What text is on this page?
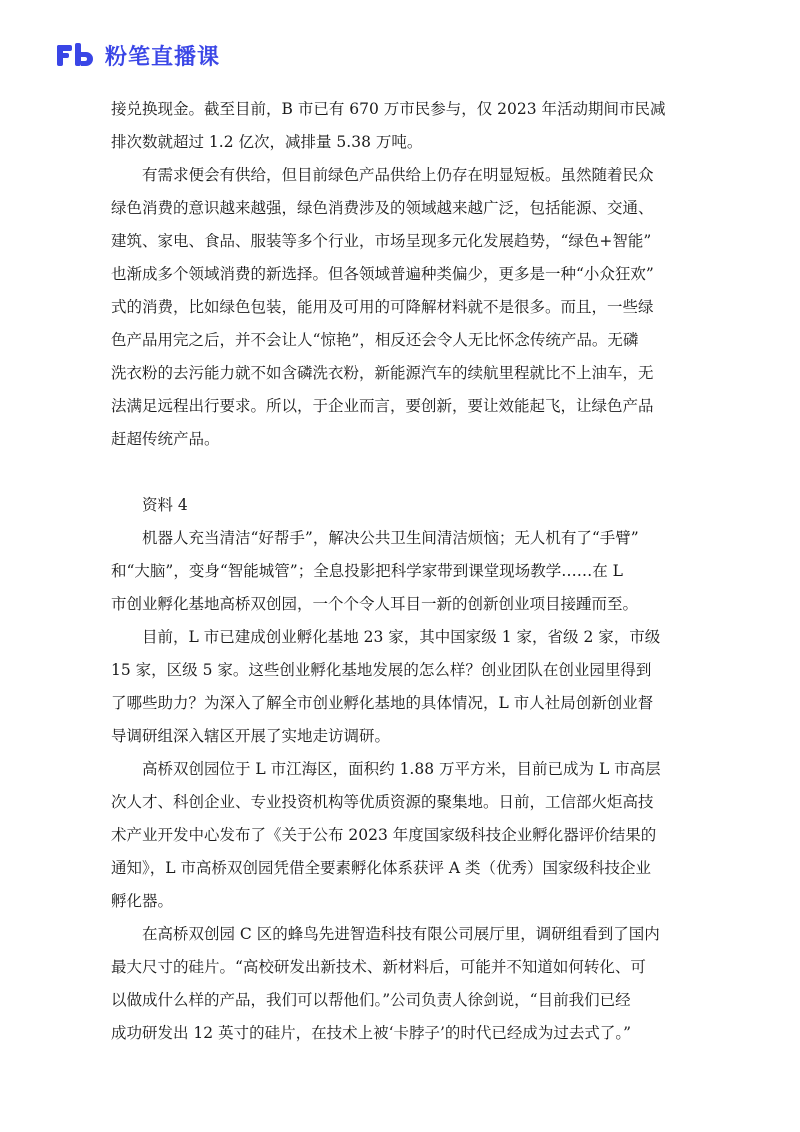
粉笔直播课

接兑换现金。截至目前，B 市已有 670 万市民参与，仅 2023 年活动期间市民减
排次数就超过 1.2 亿次，减排量 5.38 万吨。

有需求便会有供给，但目前绿色产品供给上仍存在明显短板。虽然随着民众
绿色消费的意识越来越强，绿色消费涉及的领域越来越广泛，包括能源、交通、
建筑、家电、食品、服装等多个行业，市场呈现多元化发展趋势，“绿色+智能”
也渐成多个领域消费的新选择。但各领域普遍种类偏少，更多是一种“小众狂欢”
式的消费，比如绿色包装，能用及可用的可降解材料就不是很多。而且，一些绿
色产品用完之后，并不会让人“惊艳”，相反还会令人无比怀念传统产品。无磷
洗衣粉的去污能力就不如含磷洗衣粉，新能源汽车的续航里程就比不上油车，无
法满足远程出行要求。所以，于企业而言，要创新，要让效能起飞，让绿色产品
赶超传统产品。

资料 4

机器人充当清洁“好帮手”，解决公共卫生间清洁烦恼；无人机有了“手臂”
和“大脑”，变身“智能城管”；全息投影把科学家带到课堂现场教学……在 L
市创业孵化基地高桥双创园，一个个令人耳目一新的创新创业项目接踵而至。

目前，L 市已建成创业孵化基地 23 家，其中国家级 1 家，省级 2 家，市级
15 家，区级 5 家。这些创业孵化基地发展的怎么样？创业团队在创业园里得到
了哪些助力？为深入了解全市创业孵化基地的具体情况，L 市人社局创新创业督
导调研组深入辖区开展了实地走访调研。

高桥双创园位于 L 市江海区，面积约 1.88 万平方米，目前已成为 L 市高层
次人才、科创企业、专业投资机构等优质资源的聚集地。日前，工信部火炬高技
术产业开发中心发布了《关于公布 2023 年度国家级科技企业孵化器评价结果的
通知》，L 市高桥双创园凭借全要素孵化体系获评 A 类（优秀）国家级科技企业
孵化器。

在高桥双创园 C 区的蜂鸟先进智造科技有限公司展厅里，调研组看到了国内
最大尺寸的硅片。“高校研发出新技术、新材料后，可能并不知道如何转化、可
以做成什么样的产品，我们可以帮他们。”公司负责人徐剑说，“目前我们已经
成功研发出 12 英寸的硅片，在技术上被‘卡脖子’的时代已经成为过去式了。”
